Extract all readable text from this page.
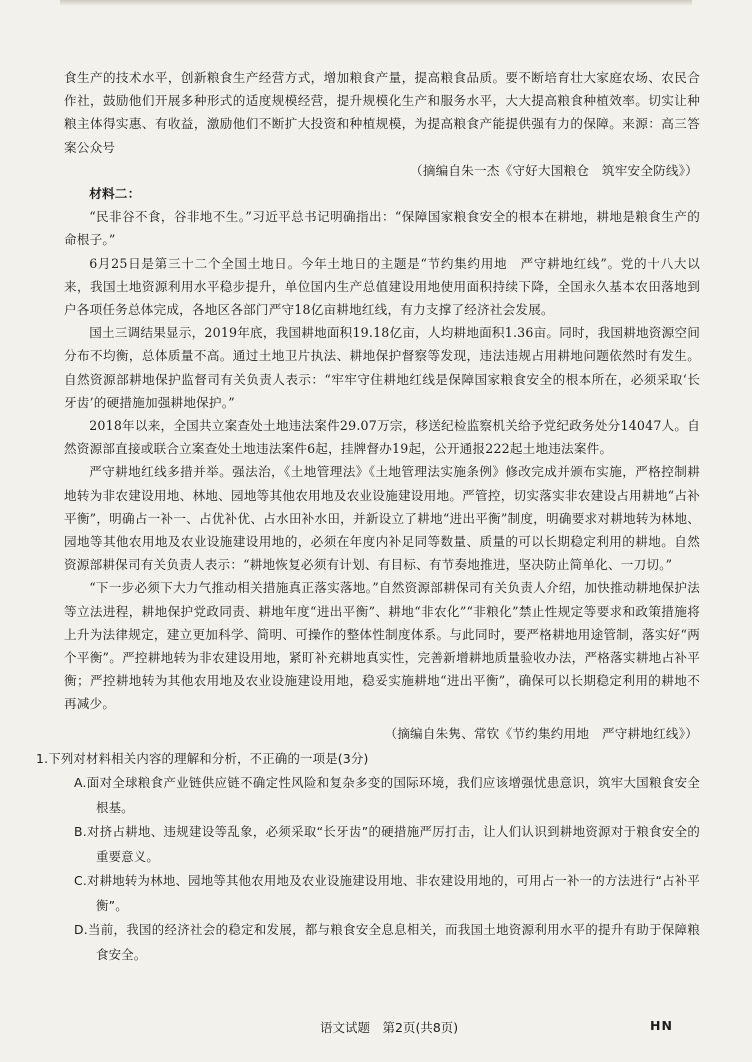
食生产的技术水平，创新粮食生产经营方式，增加粮食产量，提高粮食品质。要不断培育壮大家庭农场、农民合作社，鼓励他们开展多种形式的适度规模经营，提升规模化生产和服务水平，大大提高粮食种植效率。切实让种粮主体得实惠、有收益，激励他们不断扩大投资和种植规模，为提高粮食产能提供强有力的保障。来源：高三答案公众号

（摘编自朱一杰《守好大国粮仓　筑牢安全防线》）

材料二：

“民非谷不食，谷非地不生。”习近平总书记明确指出：“保障国家粮食安全的根本在耕地，耕地是粮食生产的命根子。”

6月25日是第三十二个全国土地日。今年土地日的主题是“节约集约用地　严守耕地红线”。党的十八大以来，我国土地资源利用水平稳步提升，单位国内生产总值建设用地使用面积持续下降，全国永久基本农田落地到户各项任务总体完成，各地区各部门严守18亿亩耕地红线，有力支撑了经济社会发展。

国土三调结果显示，2019年底，我国耕地面积19.18亿亩，人均耕地面积1.36亩。同时，我国耕地资源空间分布不均衡，总体质量不高。通过土地卫片执法、耕地保护督察等发现，违法违规占用耕地问题依然时有发生。自然资源部耕地保护监督司有关负责人表示：“牢牢守住耕地红线是保障国家粮食安全的根本所在，必须采取‘长牙齿’的硬措施加强耕地保护。”

2018年以来，全国共立案查处土地违法案件29.07万宗，移送纪检监察机关给予党纪政务处分14047人。自然资源部直接或联合立案查处土地违法案件6起，挂牌督办19起，公开通报222起土地违法案件。

严守耕地红线多措并举。强法治，《土地管理法》《土地管理法实施条例》修改完成并颁布实施，严格控制耕地转为非农建设用地、林地、园地等其他农用地及农业设施建设用地。严管控，切实落实非农建设占用耕地“占补平衡”，明确占一补一、占优补优、占水田补水田，并新设立了耕地“进出平衡”制度，明确要求对耕地转为林地、园地等其他农用地及农业设施建设用地的，必须在年度内补足同等数量、质量的可以长期稳定利用的耕地。自然资源部耕保司有关负责人表示：“耕地恢复必须有计划、有目标、有节奏地推进，坚决防止简单化、一刀切。”

“下一步必须下大力气推动相关措施真正落实落地。”自然资源部耕保司有关负责人介绍，加快推动耕地保护法等立法进程，耕地保护党政同责、耕地年度“进出平衡”、耕地“非农化”“非粮化”禁止性规定等要求和政策措施将上升为法律规定，建立更加科学、简明、可操作的整体性制度体系。与此同时，要严格耕地用途管制，落实好“两个平衡”。严控耕地转为非农建设用地，紧盯补充耕地真实性，完善新增耕地质量验收办法，严格落实耕地占补平衡；严控耕地转为其他农用地及农业设施建设用地，稳妥实施耕地“进出平衡”，确保可以长期稳定利用的耕地不再减少。

（摘编自朱隽、常钦《节约集约用地　严守耕地红线》）

1.下列对材料相关内容的理解和分析，不正确的一项是(3分)

A.面对全球粮食产业链供应链不确定性风险和复杂多变的国际环境，我们应该增强忧患意识，筑牢大国粮食安全根基。

B.对挤占耕地、违规建设等乱象，必须采取“长牙齿”的硬措施严厉打击，让人们认识到耕地资源对于粮食安全的重要意义。

C.对耕地转为林地、园地等其他农用地及农业设施建设用地、非农建设用地的，可用占一补一的方法进行“占补平衡”。

D.当前，我国的经济社会的稳定和发展，都与粮食安全息息相关，而我国土地资源利用水平的提升有助于保障粮食安全。

语文试题　第2页(共8页)	HN
